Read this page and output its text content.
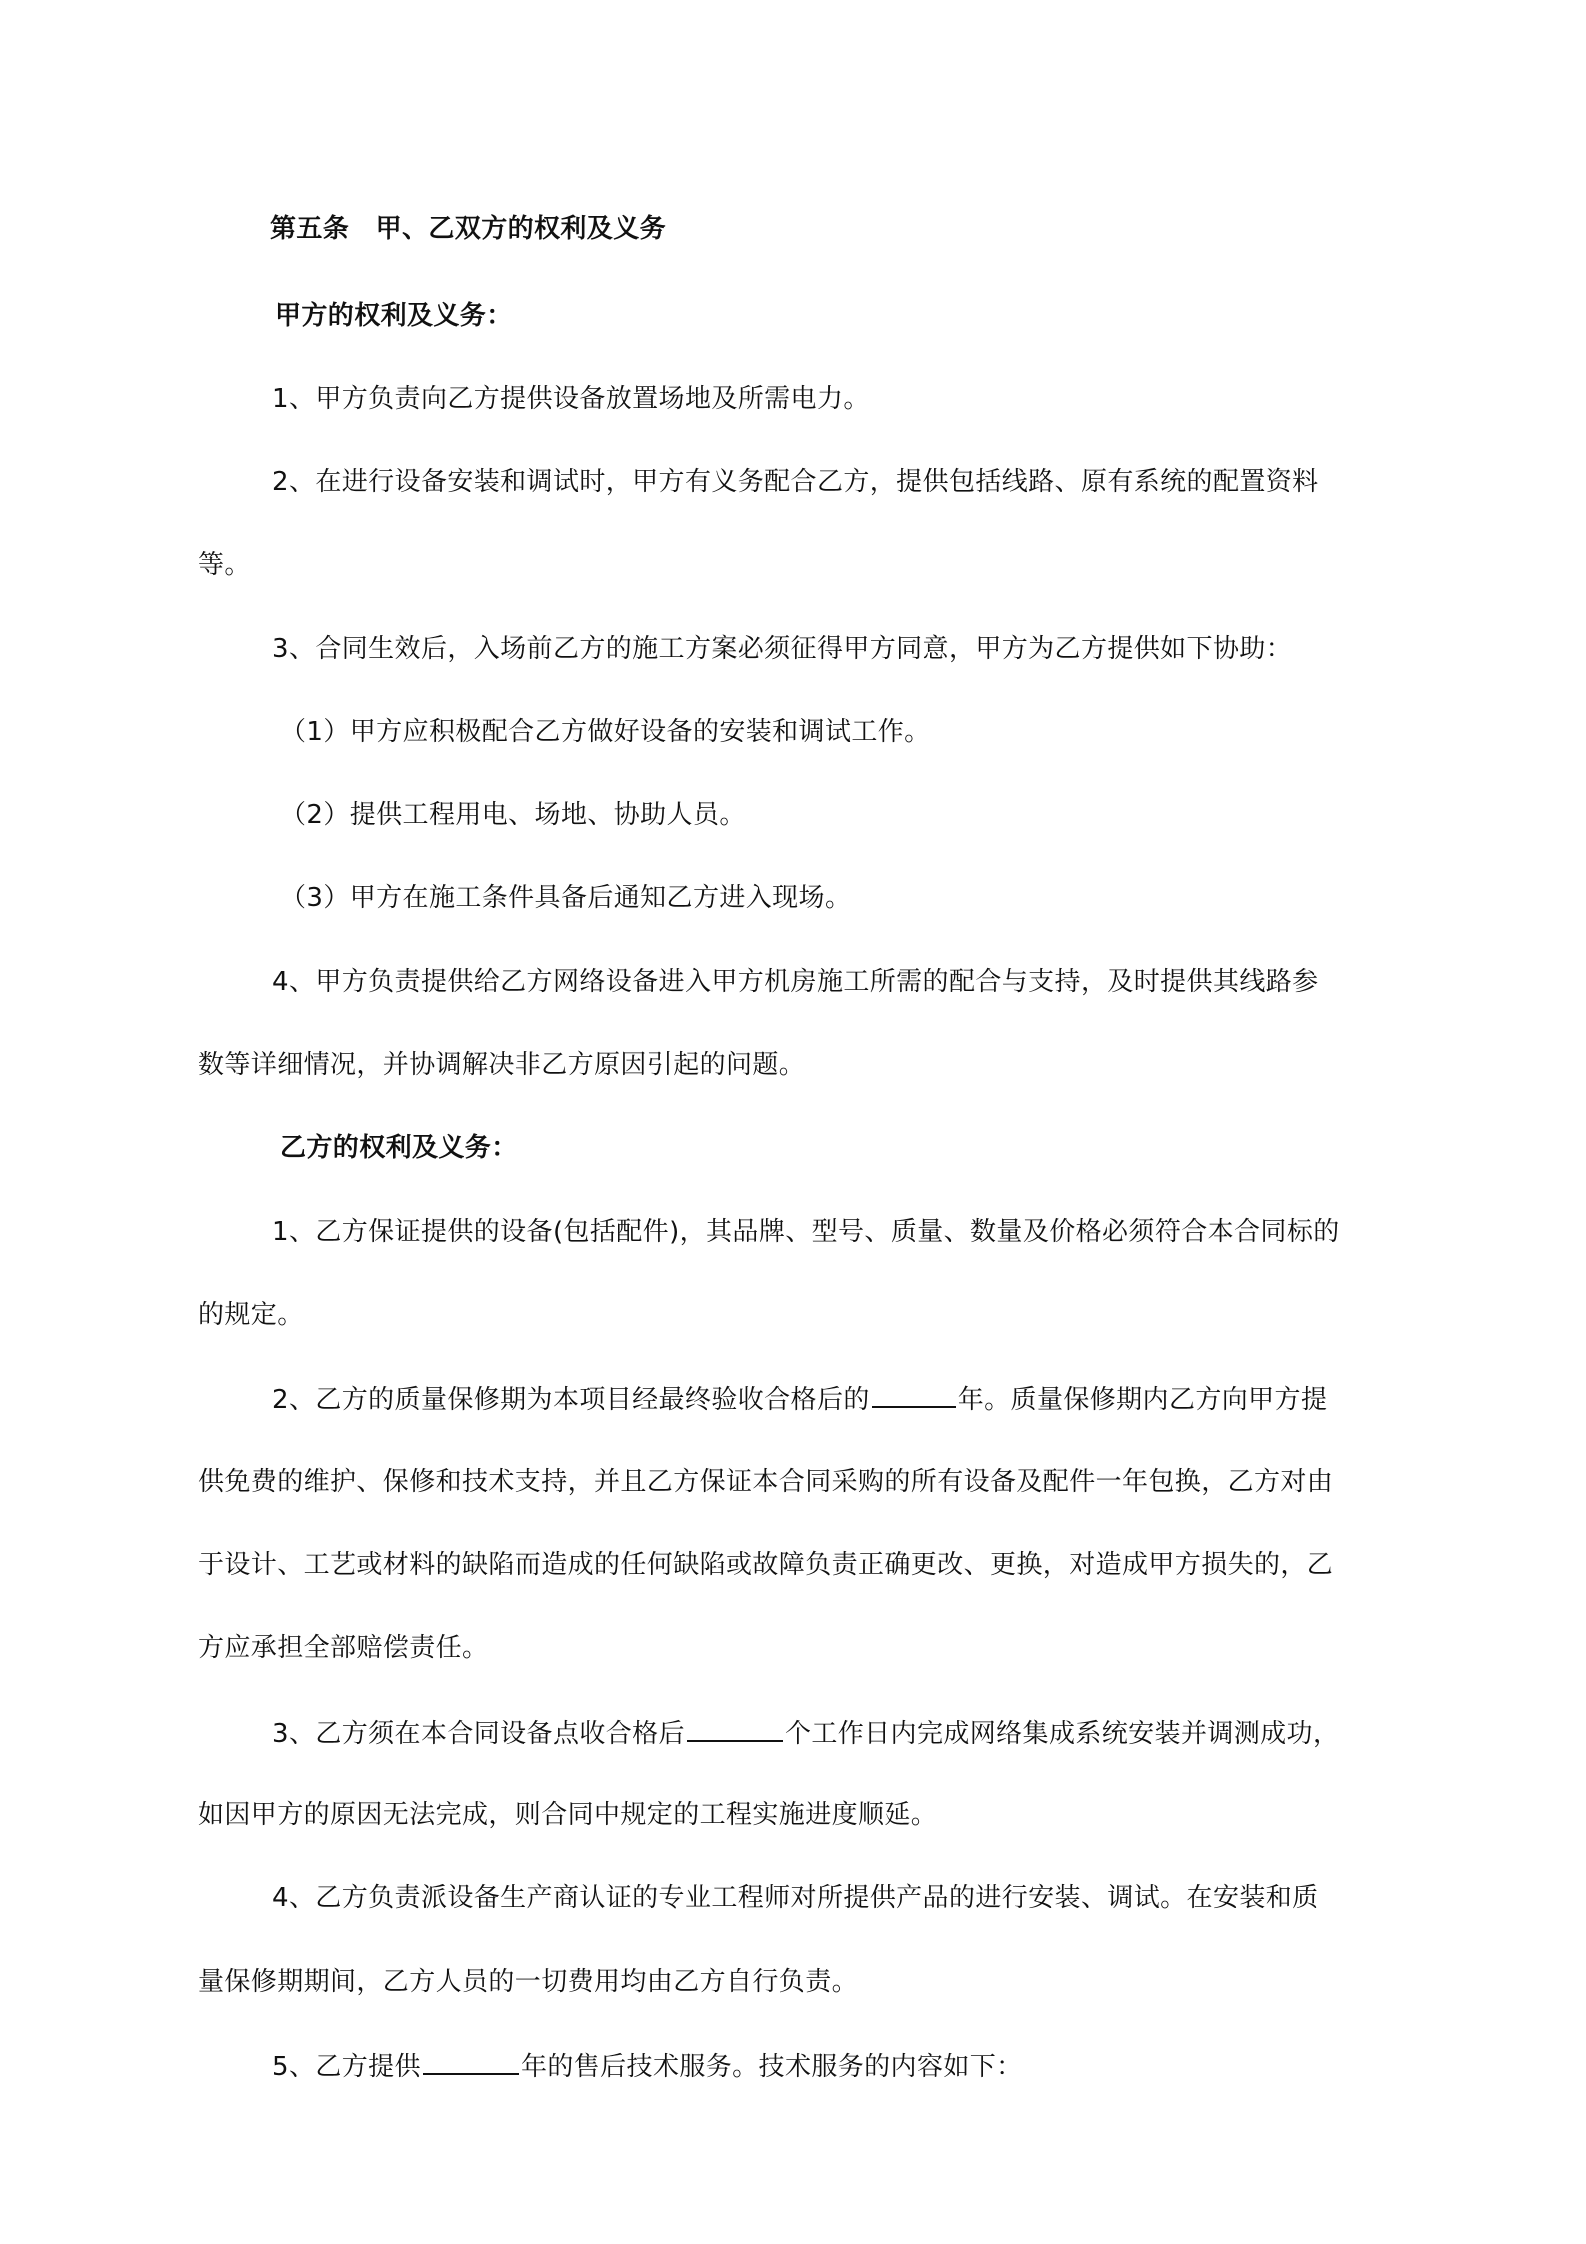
第五条　甲、乙双方的权利及义务

甲方的权利及义务：

1、甲方负责向乙方提供设备放置场地及所需电力。

2、在进行设备安装和调试时，甲方有义务配合乙方，提供包括线路、原有系统的配置资料

等。

3、合同生效后，入场前乙方的施工方案必须征得甲方同意，甲方为乙方提供如下协助：

（1）甲方应积极配合乙方做好设备的安装和调试工作。

（2）提供工程用电、场地、协助人员。

（3）甲方在施工条件具备后通知乙方进入现场。

4、甲方负责提供给乙方网络设备进入甲方机房施工所需的配合与支持，及时提供其线路参

数等详细情况，并协调解决非乙方原因引起的问题。

乙方的权利及义务：

1、乙方保证提供的设备(包括配件)，其品牌、型号、质量、数量及价格必须符合本合同标的

的规定。

2、乙方的质量保修期为本项目经最终验收合格后的	年。质量保修期内乙方向甲方提

供免费的维护、保修和技术支持，并且乙方保证本合同采购的所有设备及配件一年包换，乙方对由

于设计、工艺或材料的缺陷而造成的任何缺陷或故障负责正确更改、更换，对造成甲方损失的，乙

方应承担全部赔偿责任。

3、乙方须在本合同设备点收合格后	个工作日内完成网络集成系统安装并调测成功，

如因甲方的原因无法完成，则合同中规定的工程实施进度顺延。

4、乙方负责派设备生产商认证的专业工程师对所提供产品的进行安装、调试。在安装和质

量保修期期间，乙方人员的一切费用均由乙方自行负责。

5、乙方提供	年的售后技术服务。技术服务的内容如下：
